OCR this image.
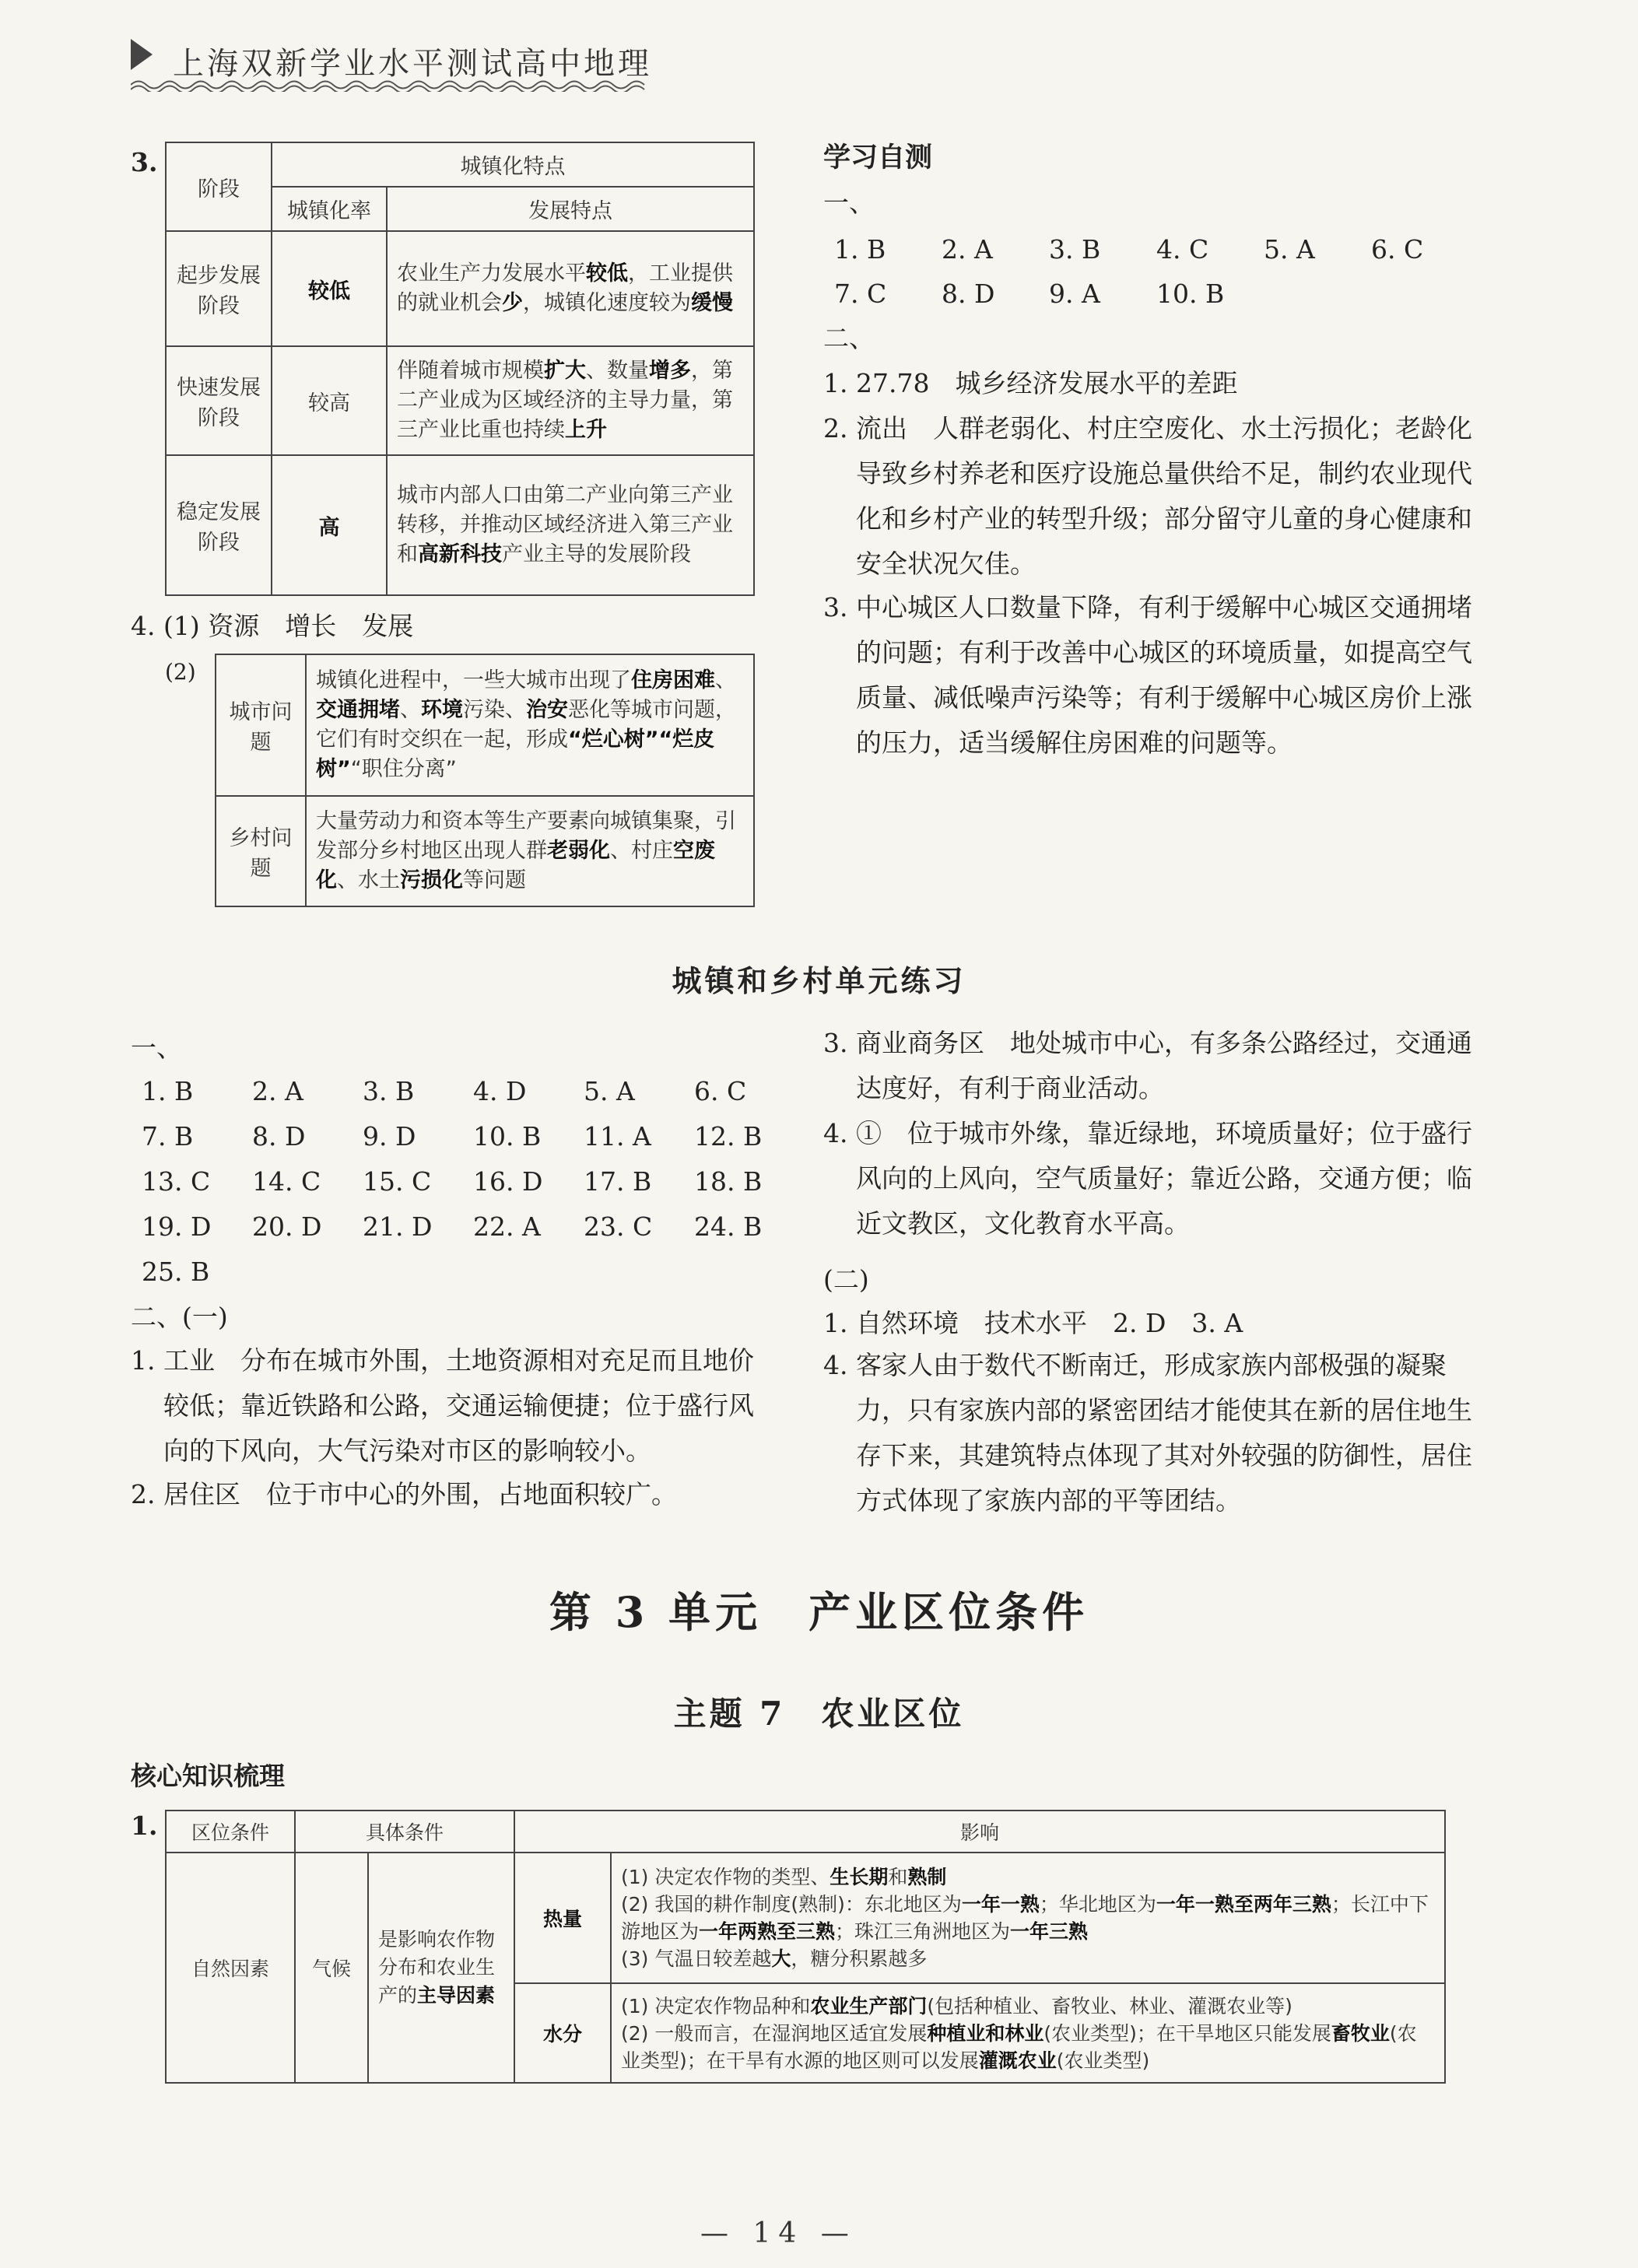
上海双新学业水平测试高中地理
3.
阶段	城镇化特点	
	城镇化率	发展特点
起步发展阶段	较低	农业生产力发展水平较低，工业提供的就业机会少，城镇化速度较为缓慢
快速发展阶段	较高	伴随着城市规模扩大、数量增多，第二产业成为区域经济的主导力量，第三产业比重也持续上升
稳定发展阶段	高	城市内部人口由第二产业向第三产业转移，并推动区域经济进入第三产业和高新科技产业主导的发展阶段
4. (1) 资源　增长　发展
(2)
城市问题	城镇化进程中，一些大城市出现了住房困难、交通拥堵、环境污染、治安恶化等城市问题，它们有时交织在一起，形成“烂心树”“烂皮树”“职住分离”
乡村问题	大量劳动力和资本等生产要素向城镇集聚，引发部分乡村地区出现人群老弱化、村庄空废化、水土污损化等问题
学习自测
一、
1. B 2. A 3. B 4. C 5. A 6. C
7. C 8. D 9. A 10. B
二、
1. 27.78　城乡经济发展水平的差距
2. 流出　人群老弱化、村庄空废化、水土污损化；老龄化导致乡村养老和医疗设施总量供给不足，制约农业现代化和乡村产业的转型升级；部分留守儿童的身心健康和安全状况欠佳。
3. 中心城区人口数量下降，有利于缓解中心城区交通拥堵的问题；有利于改善中心城区的环境质量，如提高空气质量、减低噪声污染等；有利于缓解中心城区房价上涨的压力，适当缓解住房困难的问题等。
城镇和乡村单元练习
一、
1. B 2. A 3. B 4. D 5. A 6. C
7. B 8. D 9. D 10. B 11. A 12. B
13. C 14. C 15. C 16. D 17. B 18. B
19. D 20. D 21. D 22. A 23. C 24. B
25. B
二、(一)
1. 工业　分布在城市外围，土地资源相对充足而且地价较低；靠近铁路和公路，交通运输便捷；位于盛行风向的下风向，大气污染对市区的影响较小。
2. 居住区　位于市中心的外围，占地面积较广。
3. 商业商务区　地处城市中心，有多条公路经过，交通通达度好，有利于商业活动。
4. ①　位于城市外缘，靠近绿地，环境质量好；位于盛行风向的上风向，空气质量好；靠近公路，交通方便；临近文教区，文化教育水平高。
(二)
1. 自然环境　技术水平　2. D　3. A
4. 客家人由于数代不断南迁，形成家族内部极强的凝聚力，只有家族内部的紧密团结才能使其在新的居住地生存下来，其建筑特点体现了其对外较强的防御性，居住方式体现了家族内部的平等团结。
第 3 单元　产业区位条件
主题 7　农业区位
核心知识梳理
1. 区位条件	具体条件		影响	
自然因素	气候	是影响农作物分布和农业生产的主导因素	热量	(1) 决定农作物的类型、生长期和熟制
(2) 我国的耕作制度(熟制)：东北地区为一年一熟；华北地区为一年一熟至两年三熟；长江中下游地区为一年两熟至三熟；珠江三角洲地区为一年三熟
(3) 气温日较差越大，糖分积累越多

			水分	(1) 决定农作物品种和农业生产部门(包括种植业、畜牧业、林业、灌溉农业等)
(2) 一般而言，在湿润地区适宜发展种植业和林业(农业类型)；在干旱地区只能发展畜牧业(农业类型)；在干旱有水源的地区则可以发展灌溉农业(农业类型)
— 14 —
